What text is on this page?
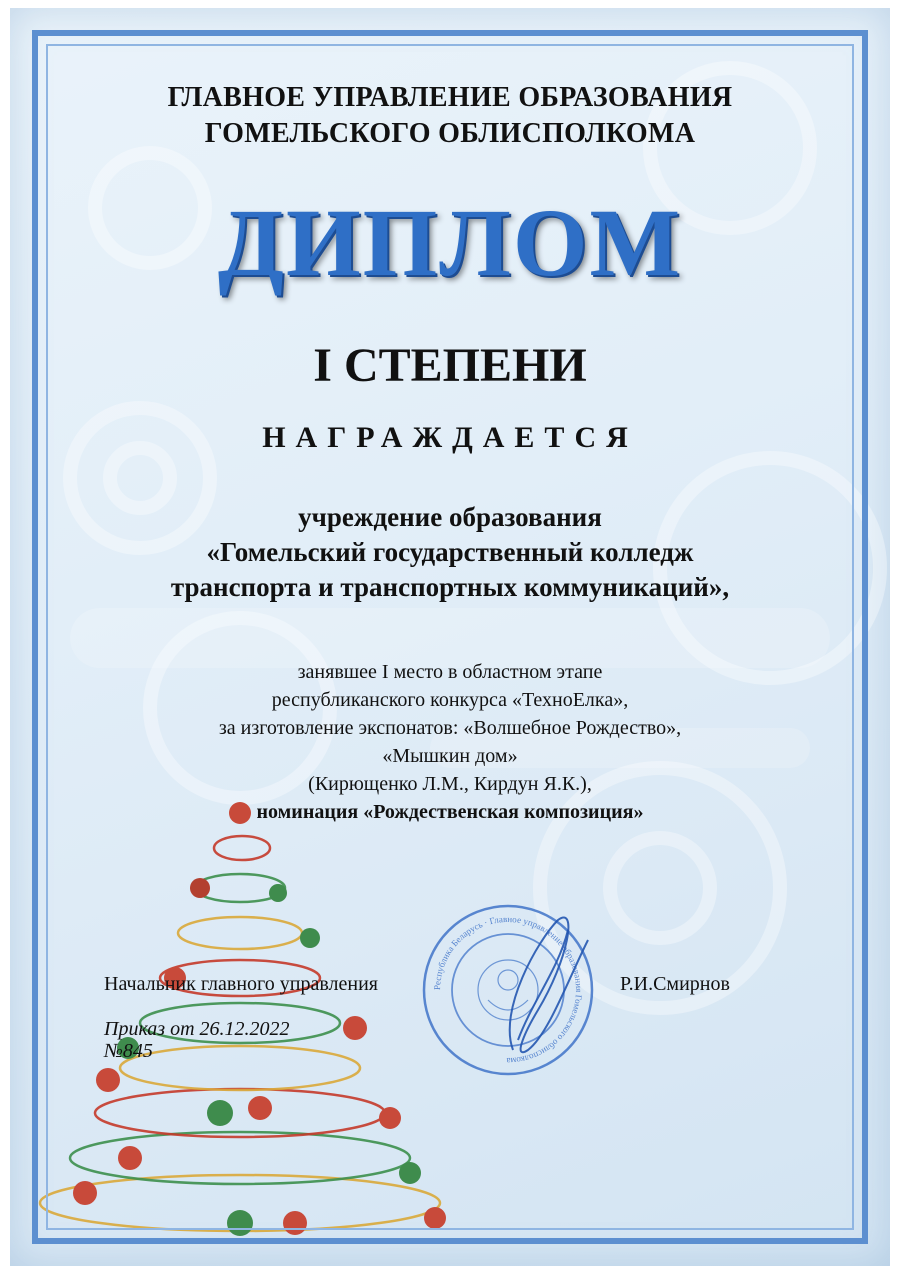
ГЛАВНОЕ УПРАВЛЕНИЕ ОБРАЗОВАНИЯ
ГОМЕЛЬСКОГО ОБЛИСПОЛКОМА
ДИПЛОМ
I СТЕПЕНИ
НАГРАЖДАЕТСЯ
учреждение образования
«Гомельский государственный колледж
транспорта и транспортных коммуникаций»,
занявшее I место в областном этапе
республиканского конкурса «ТехноЕлка»,
за изготовление экспонатов: «Волшебное Рождество»,
«Мышкин дом»
(Кирющенко Л.М., Кирдун Я.К.),
номинация «Рождественская композиция»
Начальник главного управления	Республика Беларусь · Главное управление образования Гомельского облисполкома
Р.И.Смирнов
Приказ от 26.12.2022
№845
